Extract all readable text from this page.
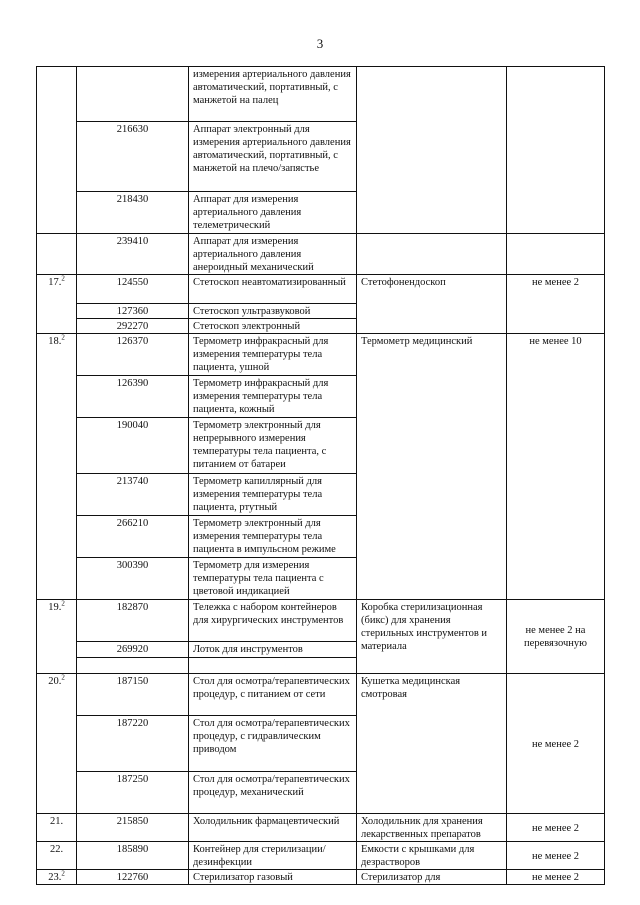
3
		измерения артериального давления автоматический, портативный, с манжетой на палец		
	216630	Аппарат электронный для измерения артериального давления автоматический, портативный, с манжетой на плечо/запястье		
	218430	Аппарат для измерения артериального давления телеметрический		
	239410	Аппарат для измерения артериального давления анероидный механический		
17.$^2$	124550	Стетоскоп неавтоматизированный	Стетофонендоскоп	не менее 2
	127360	Стетоскоп ультразвуковой		
	292270	Стетоскоп электронный		
18.$^2$	126370	Термометр инфракрасный для измерения температуры тела пациента, ушной	Термометр медицинский	не менее 10
	126390	Термометр инфракрасный для измерения температуры тела пациента, кожный		
	190040	Термометр электронный для непрерывного измерения температуры тела пациента, с питанием от батареи		
	213740	Термометр капиллярный для измерения температуры тела пациента, ртутный		
	266210	Термометр электронный для измерения температуры тела пациента в импульсном режиме		
	300390	Термометр для измерения температуры тела пациента с цветовой индикацией		
19.$^2$	182870	Тележка с набором контейнеров для хирургических инструментов	Коробка стерилизационная (бикс) для хранения стерильных инструментов и материала	не менее 2 на перевязочную
	269920	Лоток для инструментов		

20.$^2$	187150	Стол для осмотра/терапевтических процедур, с питанием от сети	Кушетка медицинская смотровая	не менее 2
	187220	Стол для осмотра/терапевтических процедур, с гидравлическим приводом		
	187250	Стол для осмотра/терапевтических процедур, механический		
21.	215850	Холодильник фармацевтический	Холодильник для хранения лекарственных препаратов	не менее 2
22.	185890	Контейнер для стерилизации/дезинфекции	Емкости с крышками для дезрастворов	не менее 2
23.$^2$	122760	Стерилизатор газовый	Стерилизатор для	не менее 2
